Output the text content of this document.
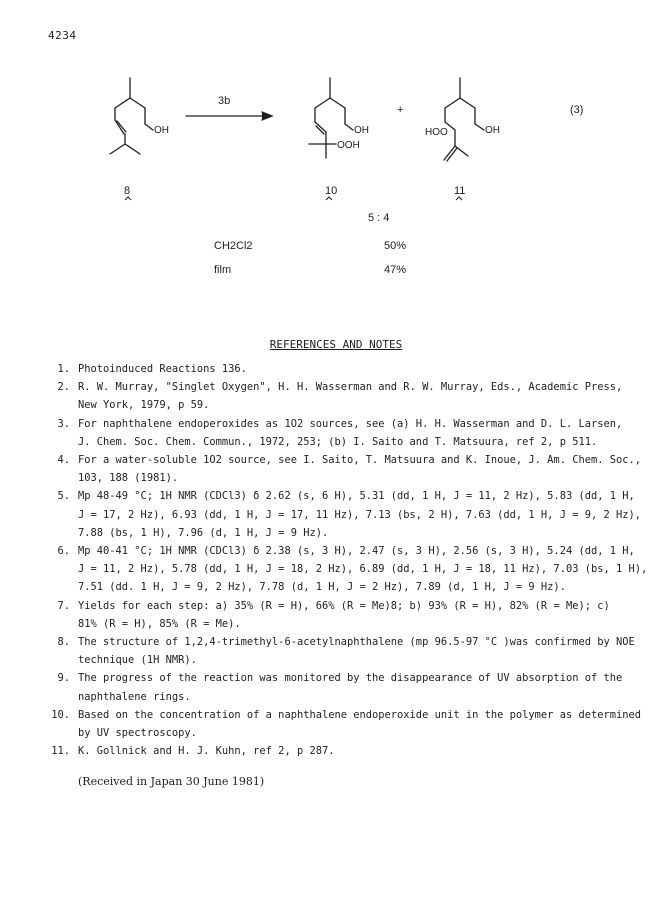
4234
OH	OH
OOH
OH
HOO
3b
+	(3)
8	10	11
5 : 4
CH2Cl2	50%
film	47%
REFERENCES AND NOTES
1. Photoinduced Reactions 136.
2. R. W. Murray, "Singlet Oxygen", H. H. Wasserman and R. W. Murray, Eds., Academic Press,
New York, 1979, p 59.
3. For naphthalene endoperoxides as 1O2 sources, see (a) H. H. Wasserman and D. L. Larsen,
J. Chem. Soc. Chem. Commun., 1972, 253; (b) I. Saito and T. Matsuura, ref 2, p 511.
4. For a water-soluble 1O2 source, see I. Saito, T. Matsuura and K. Inoue, J. Am. Chem. Soc.,
103, 188 (1981).
5. Mp 48-49 °C; 1H NMR (CDCl3) δ 2.62 (s, 6 H), 5.31 (dd, 1 H, J = 11, 2 Hz), 5.83 (dd, 1 H,
J = 17, 2 Hz), 6.93 (dd, 1 H, J = 17, 11 Hz), 7.13 (bs, 2 H), 7.63 (dd, 1 H, J = 9, 2 Hz),
7.88 (bs, 1 H), 7.96 (d, 1 H, J = 9 Hz).
6. Mp 40-41 °C; 1H NMR (CDCl3) δ 2.38 (s, 3 H), 2.47 (s, 3 H), 2.56 (s, 3 H), 5.24 (dd, 1 H,
J = 11, 2 Hz), 5.78 (dd, 1 H, J = 18, 2 Hz), 6.89 (dd, 1 H, J = 18, 11 Hz), 7.03 (bs, 1 H),
7.51 (dd. 1 H, J = 9, 2 Hz), 7.78 (d, 1 H, J = 2 Hz), 7.89 (d, 1 H, J = 9 Hz).
7. Yields for each step: a) 35% (R = H), 66% (R = Me)8; b) 93% (R = H), 82% (R = Me); c)
81% (R = H), 85% (R = Me).
8. The structure of 1,2,4-trimethyl-6-acetylnaphthalene (mp 96.5-97 °C )was confirmed by NOE
technique (1H NMR).
9. The progress of the reaction was monitored by the disappearance of UV absorption of the
naphthalene rings.
10. Based on the concentration of a naphthalene endoperoxide unit in the polymer as determined
by UV spectroscopy.
11. K. Gollnick and H. J. Kuhn, ref 2, p 287.
(Received in Japan 30 June 1981)
